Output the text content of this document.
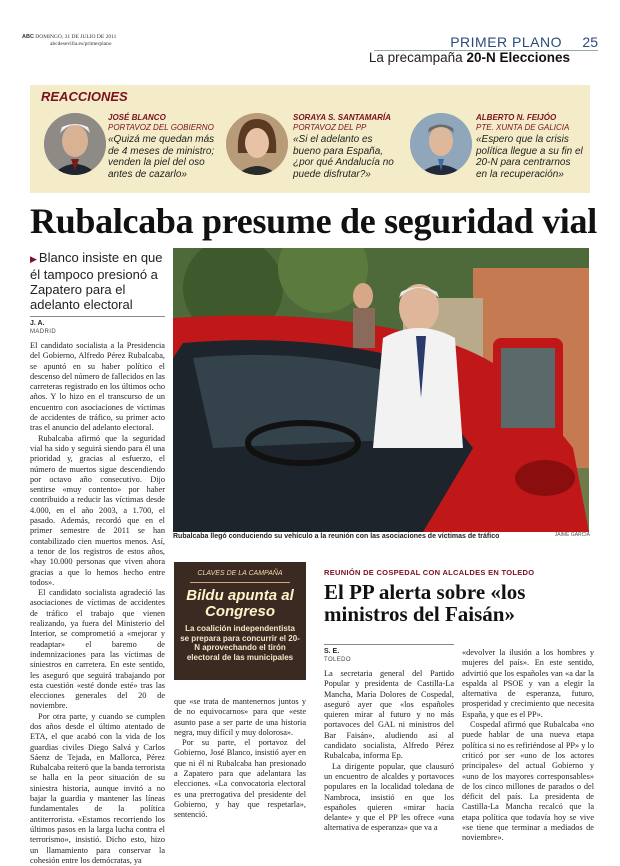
ABC DOMINGO, 31 DE JULIO DE 2011
abcdesevilla.es/primerplano	PRIMER PLANO 25
La precampaña 20-N Elecciones
REACCIONES
JOSÉ BLANCO
PORTAVOZ DEL GOBIERNO
«Quizá me quedan más de 4 meses de ministro; venden la piel del oso antes de cazarlo»
SORAYA S. SANTAMARÍA
PORTAVOZ DEL PP
«Si el adelanto es bueno para España, ¿por qué Andalucía no puede disfrutar?»
ALBERTO N. FEIJÓO
PTE. XUNTA DE GALICIA
«Espero que la crisis política llegue a su fin el 20-N para centrarnos en la recuperación»
Rubalcaba presume de seguridad vial
▶ Blanco insiste en que él tampoco presionó a Zapatero para el adelanto electoral
J. A.
MADRID

El candidato socialista a la Presidencia del Gobierno, Alfredo Pérez Rubalcaba, se apuntó en su haber político el descenso del número de fallecidos en las carreteras registrado en los últimos ocho años. Y lo hizo en el transcurso de un encuentro con asociaciones de víctimas de accidentes de tráfico, su primer acto tras el anuncio del adelanto electoral.

Rubalcaba afirmó que la seguridad vial ha sido y seguirá siendo para él una prioridad y, gracias al esfuerzo, el número de muertos sigue descendiendo por octavo año consecutivo. Dijo sentirse «muy contento» por haber contribuido a reducir las víctimas desde 4.000, en el año 2003, a 1.700, el pasado. Además, recordó que en el primer semestre de 2011 se han contabilizado cien muertos menos. Así, a tenor de los registros de estos años, «hay 10.000 personas que viven ahora gracias a que lo hemos hecho entre todos».

El candidato socialista agradeció las asociaciones de víctimas de accidentes de tráfico el trabajo que vienen realizando, ya fuera del Ministerio del Interior, se comprometió a «mejorar y readaptar» el baremo de indemnizaciones para las víctimas de siniestros en carretera. En este sentido, les aseguró que seguirá trabajando por esta cuestión «esté donde esté» tras las elecciones generales del 20 de noviembre.

Por otra parte, y cuando se cumplen dos años desde el último atentado de ETA, el que acabó con la vida de los guardias civiles Diego Salvá y Carlos Sáenz de Tejada, en Mallorca, Pérez Rubalcaba reiteró que la banda terrorista se halla en la peor situación de su siniestra historia, aunque invitó a no bajar la guardia y mantener las líneas fundamentales de la política antiterrorista. «Estamos recorriendo los últimos pasos en la larga lucha contra el terrorismo», insistió. Dicho esto, hizo un llamamiento para conservar la cohesión entre los demócratas, ya

Rubalcaba llegó conduciendo su vehículo a la reunión con las asociaciones de víctimas de tráfico	JAIME GARCÍA

que «se trata de mantenernos juntos y de no equivocarnos» para que «este asunto pase a ser parte de una historia negra, muy difícil y muy dolorosa».

Por su parte, el portavoz del Gobierno, José Blanco, insistió ayer en que ni él ni Rubalcaba han presionado a Zapatero para que adelantara las elecciones. «La convocatoria electoral es una prerrogativa del presidente del Gobierno, y hay que respetarla», sentenció.

CLAVES DE LA CAMPAÑA
Bildu apunta al Congreso
La coalición independentista se prepara para concurrir el 20-N aprovechando el tirón electoral de las municipales
REUNIÓN DE COSPEDAL CON ALCALDES EN TOLEDO
El PP alerta sobre «los ministros del Faisán»
S. E.
TOLEDO

La secretaria general del Partido Popular y presidenta de Castilla-La Mancha, María Dolores de Cospedal, aseguró ayer que «los españoles quieren mirar al futuro y no más portavoces del GAL ni ministros del Bar Faisán», aludiendo así al candidato socialista, Alfredo Pérez Rubalcaba, informa Ep.

La dirigente popular, que clausuró un encuentro de alcaldes y portavoces populares en la localidad toledana de Nambroca, insistió en que los españoles quieren «mirar hacia delante» y que el PP les ofrece «una alternativa de esperanza» que va a

«devolver la ilusión a los hombres y mujeres del país». En este sentido, advirtió que los españoles van «a dar la espalda al PSOE y van a elegir la alternativa de esperanza, futuro, prosperidad y crecimiento que necesita España, y que es el PP».

Cospedal afirmó que Rubalcaba «no puede hablar de una nueva etapa política si no es refiriéndose al PP» y lo criticó por ser «uno de los actores principales» del actual Gobierno y «uno de los mayores corresponsables» de los cinco millones de parados o del déficit del país. La presidenta de Castilla-La Mancha recalcó que la etapa política que todavía hoy se vive «se tiene que terminar a mediados de noviembre».
